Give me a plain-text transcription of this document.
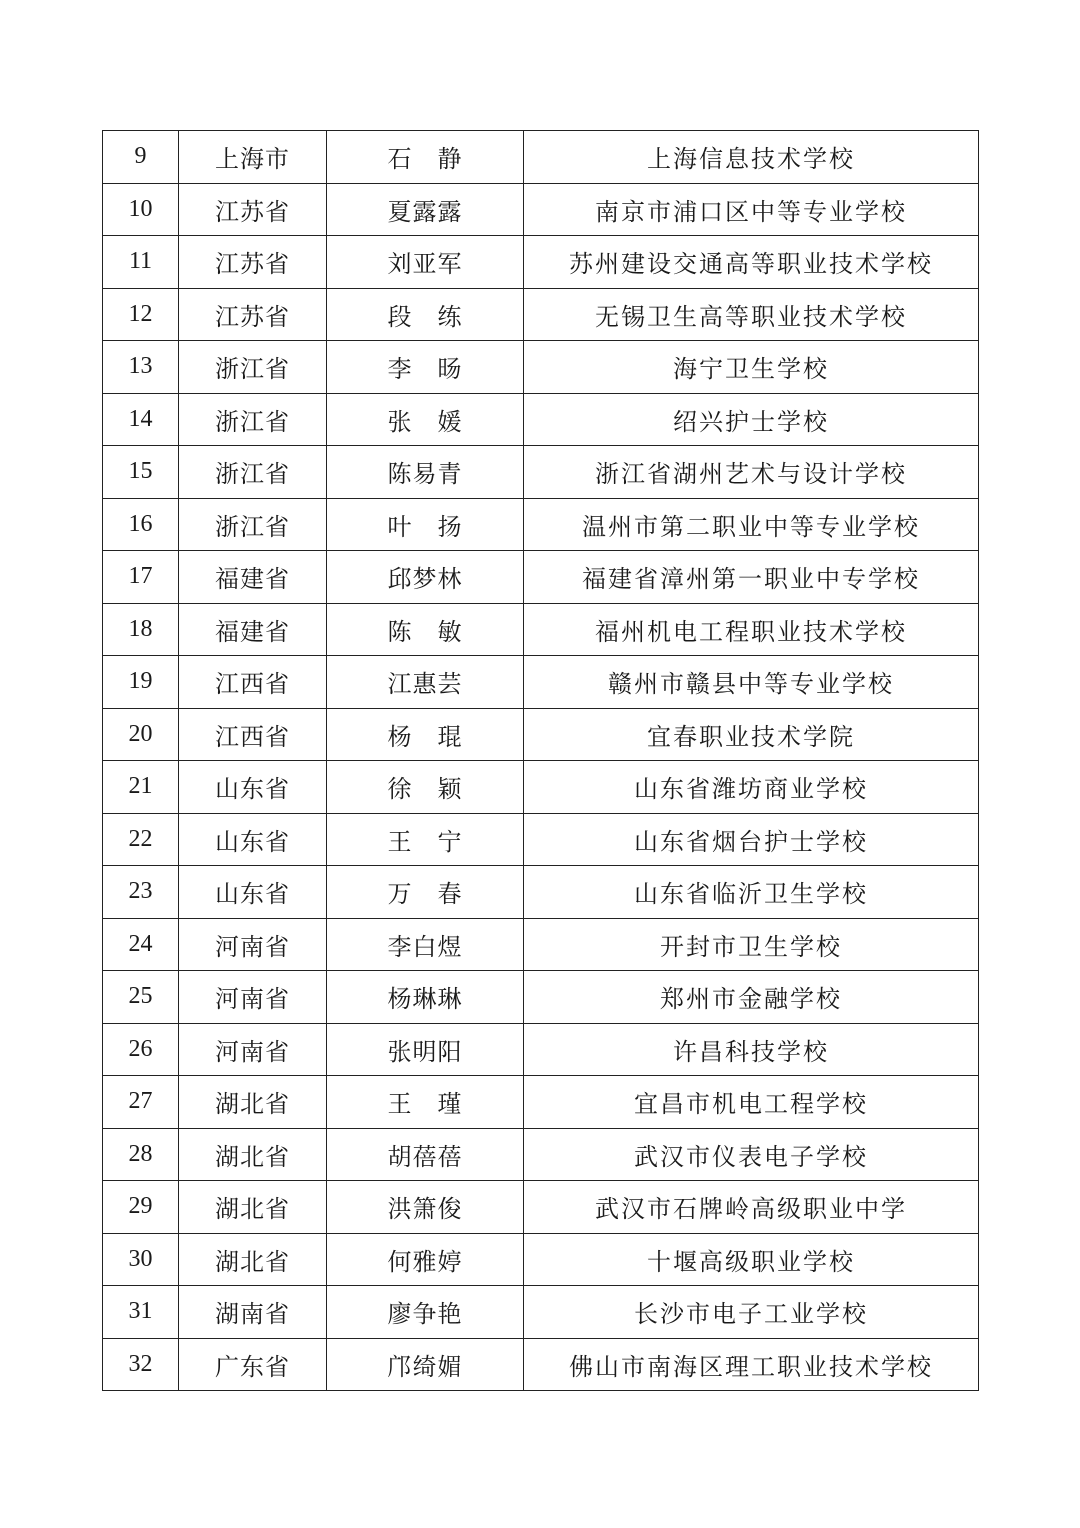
9	上海市	石　静	上海信息技术学校
10	江苏省	夏露露	南京市浦口区中等专业学校
11	江苏省	刘亚军	苏州建设交通高等职业技术学校
12	江苏省	段　练	无锡卫生高等职业技术学校
13	浙江省	李　旸	海宁卫生学校
14	浙江省	张　媛	绍兴护士学校
15	浙江省	陈易青	浙江省湖州艺术与设计学校
16	浙江省	叶　扬	温州市第二职业中等专业学校
17	福建省	邱梦林	福建省漳州第一职业中专学校
18	福建省	陈　敏	福州机电工程职业技术学校
19	江西省	江惠芸	赣州市赣县中等专业学校
20	江西省	杨　琨	宜春职业技术学院
21	山东省	徐　颖	山东省潍坊商业学校
22	山东省	王　宁	山东省烟台护士学校
23	山东省	万　春	山东省临沂卫生学校
24	河南省	李白煜	开封市卫生学校
25	河南省	杨琳琳	郑州市金融学校
26	河南省	张明阳	许昌科技学校
27	湖北省	王　瑾	宜昌市机电工程学校
28	湖北省	胡蓓蓓	武汉市仪表电子学校
29	湖北省	洪箫俊	武汉市石牌岭高级职业中学
30	湖北省	何雅婷	十堰高级职业学校
31	湖南省	廖争艳	长沙市电子工业学校
32	广东省	邝绮媚	佛山市南海区理工职业技术学校
